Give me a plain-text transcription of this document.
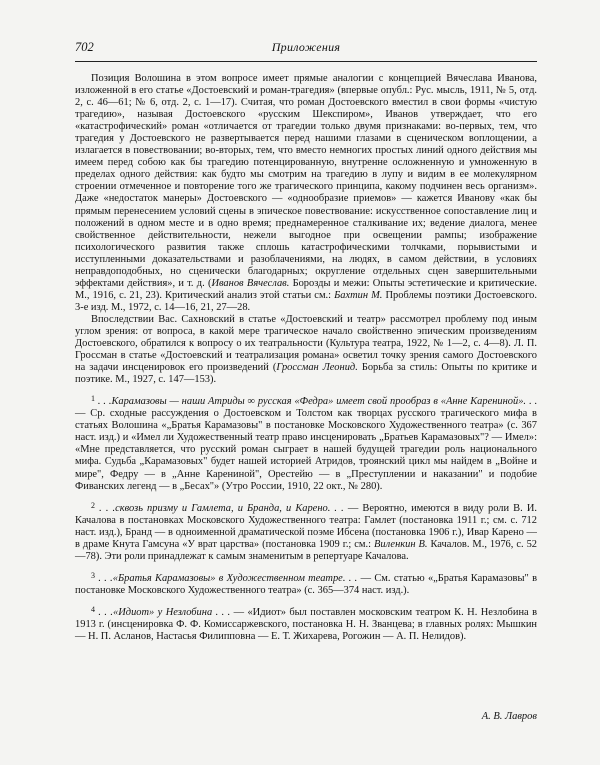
702	Приложения

Позиция Волошина в этом вопросе имеет прямые аналогии с концепцией Вячеслава Иванова, изложенной в его статье «Достоевский и роман-трагедия» (впервые опубл.: Рус. мысль, 1911, № 5, отд. 2, с. 46—61; № 6, отд. 2, с. 1—17). Считая, что роман Достоевского вместил в свои формы «чистую трагедию», называя Достоевского «русским Шекспиром», Иванов утверждает, что его «катастрофический» роман «отличается от трагедии только двумя признаками: во-первых, тем, что трагедия у Достоевского не развертывается перед нашими глазами в сценическом воплощении, а излагается в повествовании; во-вторых, тем, что вместо немногих простых линий одного действия мы имеем перед собою как бы трагедию потенцированную, внутренне осложненную и умноженную в пределах одного действия: как будто мы смотрим на трагедию в лупу и видим в ее молекулярном строении отмеченное и повторение того же трагического принципа, какому подчинен весь организм». Даже «недостаток манеры» Достоевского — «однообразие приемов» — кажется Иванову «как бы прямым перенесением условий сцены в эпическое повествование: искусственное сопоставление лиц и положений в одном месте и в одно время; преднамеренное сталкивание их; ведение диалога, менее свойственное действительности, нежели выгодное при освещении рампы; изображение психологического развития также сплошь катастрофическими толчками, порывистыми и исступленными доказательствами и разоблачениями, на людях, в самом действии, в условиях неправдоподобных, но сценически благодарных; округление отдельных сцен завершительными эффектами действия», и т. д. (Иванов Вячеслав. Борозды и межи: Опыты эстетические и критические. М., 1916, с. 21, 23). Критический анализ этой статьи см.: Бахтин М. Проблемы поэтики Достоевского. 3-е изд. М., 1972, с. 14—16, 21, 27—28.

Впоследствии Вас. Сахновский в статье «Достоевский и театр» рассмотрел проблему под иным углом зрения: от вопроса, в какой мере трагическое начало свойственно эпическим произведениям Достоевского, обратился к вопросу о их театральности (Культура театра, 1922, № 1—2, с. 4—8). Л. П. Гроссман в статье «Достоевский и театрализация романа» осветил точку зрения самого Достоевского на задачи инсценировок его произведений (Гроссман Леонид. Борьба за стиль: Опыты по критике и поэтике. М., 1927, с. 147—153).

$^1$ . . .Карамазовы — наши Атриды ∞ русская «Федра» имеет свой прообраз в «Анне Карениной». . . — Ср. сходные рассуждения о Достоевском и Толстом как творцах русского трагического мифа в статьях Волошина «„Братья Карамазовы" в постановке Московского Художественного театра» (с. 367 наст. изд.) и «Имел ли Художественный театр право инсценировать „Братьев Карамазовых"? — Имел»: «Мне представляется, что русский роман сыграет в нашей будущей трагедии роль национального мифа. Судьба „Карамазовых" будет нашей историей Атридов, троянский цикл мы найдем в „Войне и мире", Федру — в „Анне Карениной", Орестейю — в „Преступлении и наказании" и подобие Фиванских легенд — в „Бесах"» (Утро России, 1910, 22 окт., № 280).

$^2$ . . .сквозь призму и Гамлета, и Бранда, и Карено. . . — Вероятно, имеются в виду роли В. И. Качалова в постановках Московского Художественного театра: Гамлет (постановка 1911 г.; см. с. 712 наст. изд.), Бранд — в одноименной драматической поэме Ибсена (постановка 1906 г.), Ивар Карено — в драме Кнута Гамсуна «У врат царства» (постановка 1909 г.; см.: Виленкин В. Качалов. М., 1976, с. 52—78). Эти роли принадлежат к самым знаменитым в репертуаре Качалова.

$^3$ . . .«Братья Карамазовы» в Художественном театре. . . — См. статью «„Братья Карамазовы" в постановке Московского Художественного театра» (с. 365—374 наст. изд.).

$^4$ . . .«Идиот» у Незлобина . . . — «Идиот» был поставлен московским театром К. Н. Незлобина в 1913 г. (инсценировка Ф. Ф. Комиссаржевского, постановка Н. Н. Званцева; в главных ролях: Мышкин — Н. П. Асланов, Настасья Филипповна — Е. Т. Жихарева, Рогожин — А. П. Нелидов).

А. В. Лавров
